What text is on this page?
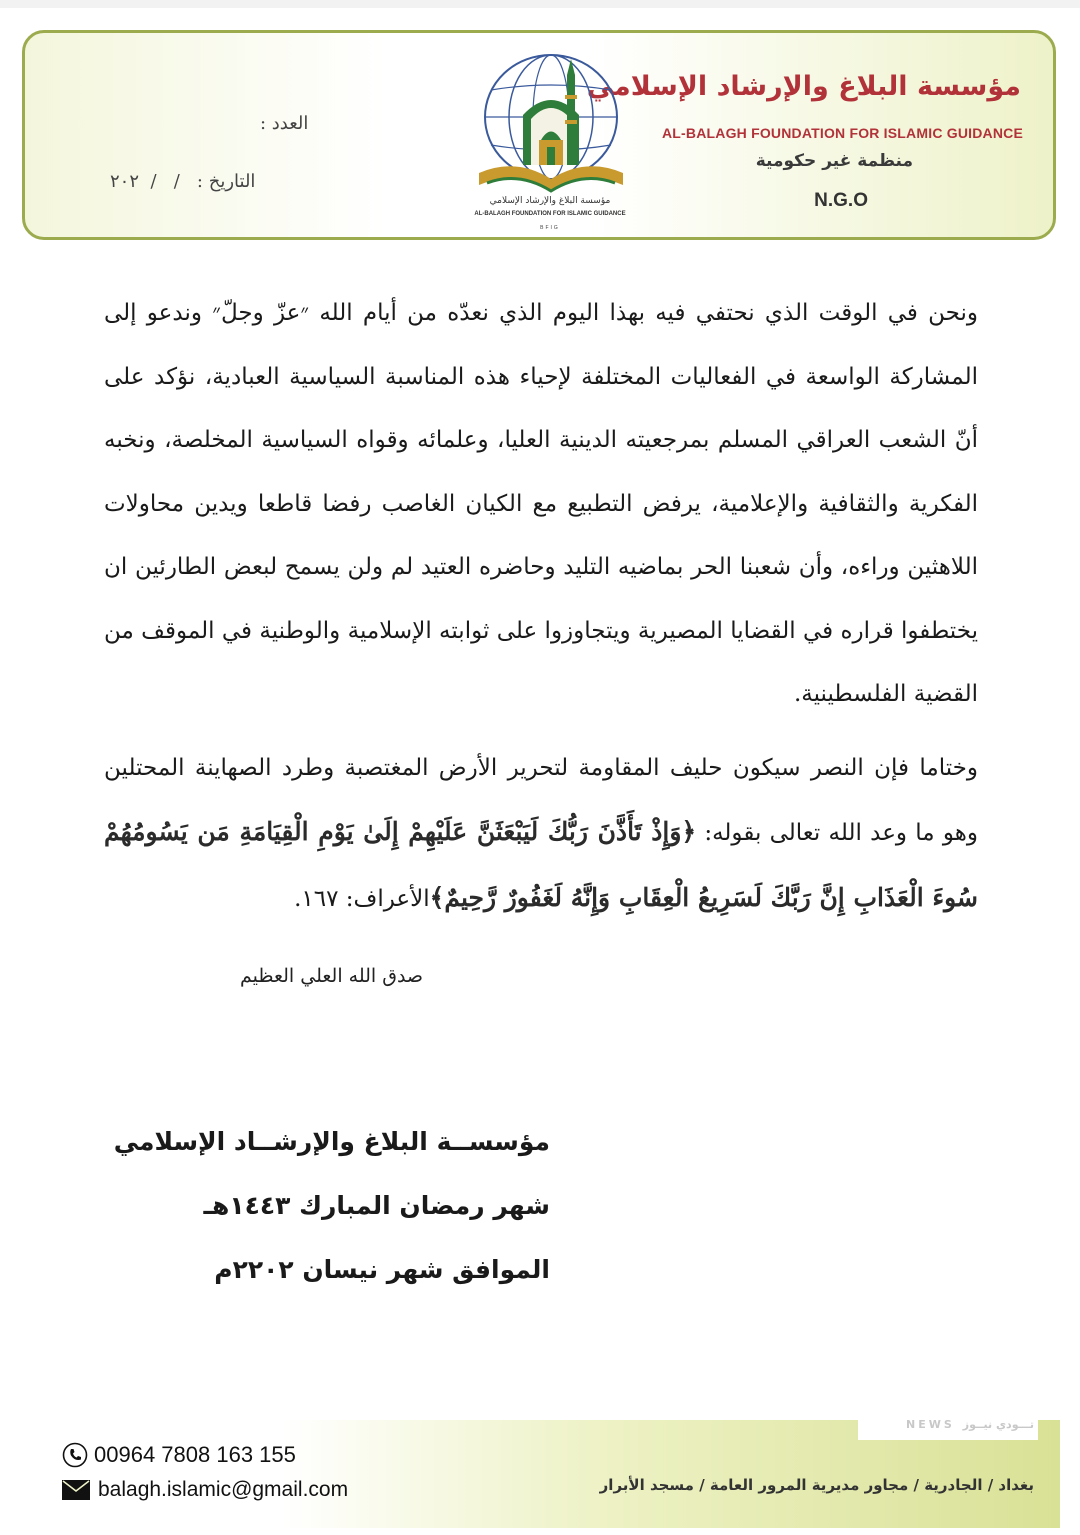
مؤسسة البلاغ والإرشاد الإسلامي
AL-BALAGH FOUNDATION FOR ISLAMIC GUIDANCE
منظمة غير حكومية
N.G.O
مؤسسة البلاغ والإرشاد الإسلامي
AL-BALAGH FOUNDATION FOR ISLAMIC GUIDANCE
BFIG
العدد :
التاريخ :   /   /  ٢٠٢

ونحن في الوقت الذي نحتفي فيه بهذا اليوم الذي نعدّه من أيام الله ״عزّ وجلّ״ وندعو إلى المشاركة الواسعة في الفعاليات المختلفة لإحياء هذه المناسبة السياسية العبادية، نؤكد على أنّ الشعب العراقي المسلم بمرجعيته الدينية العليا، وعلمائه وقواه السياسية المخلصة، ونخبه الفكرية والثقافية والإعلامية، يرفض التطبيع مع الكيان الغاصب رفضا قاطعا ويدين محاولات اللاهثين وراءه، وأن شعبنا الحر بماضيه التليد وحاضره العتيد لم ولن يسمح لبعض الطارئين ان يختطفوا قراره في القضايا المصيرية ويتجاوزوا على ثوابته الإسلامية والوطنية في الموقف من القضية الفلسطينية.

وختاما فإن النصر سيكون حليف المقاومة لتحرير الأرض المغتصبة وطرد الصهاينة المحتلين وهو ما وعد الله تعالى بقوله: ﴿وَإِذْ تَأَذَّنَ رَبُّكَ لَيَبْعَثَنَّ عَلَيْهِمْ إِلَىٰ يَوْمِ الْقِيَامَةِ مَن يَسُومُهُمْ سُوءَ الْعَذَابِ إِنَّ رَبَّكَ لَسَرِيعُ الْعِقَابِ وَإِنَّهُ لَغَفُورٌ رَّحِيمٌ﴾الأعراف: ١٦٧.

صدق الله العلي العظيم
مؤسســة البلاغ والإرشــاد الإسلامي
شهر رمضان المبارك ١٤٤٣هـ
الموافق شهر نيسان ٢٢٠٢م
00964 7808 163 155
balagh.islamic@gmail.com
تـــودي نيــوز
NEWS
بغداد / الجادرية / مجاور مديرية المرور العامة / مسجد الأبرار
